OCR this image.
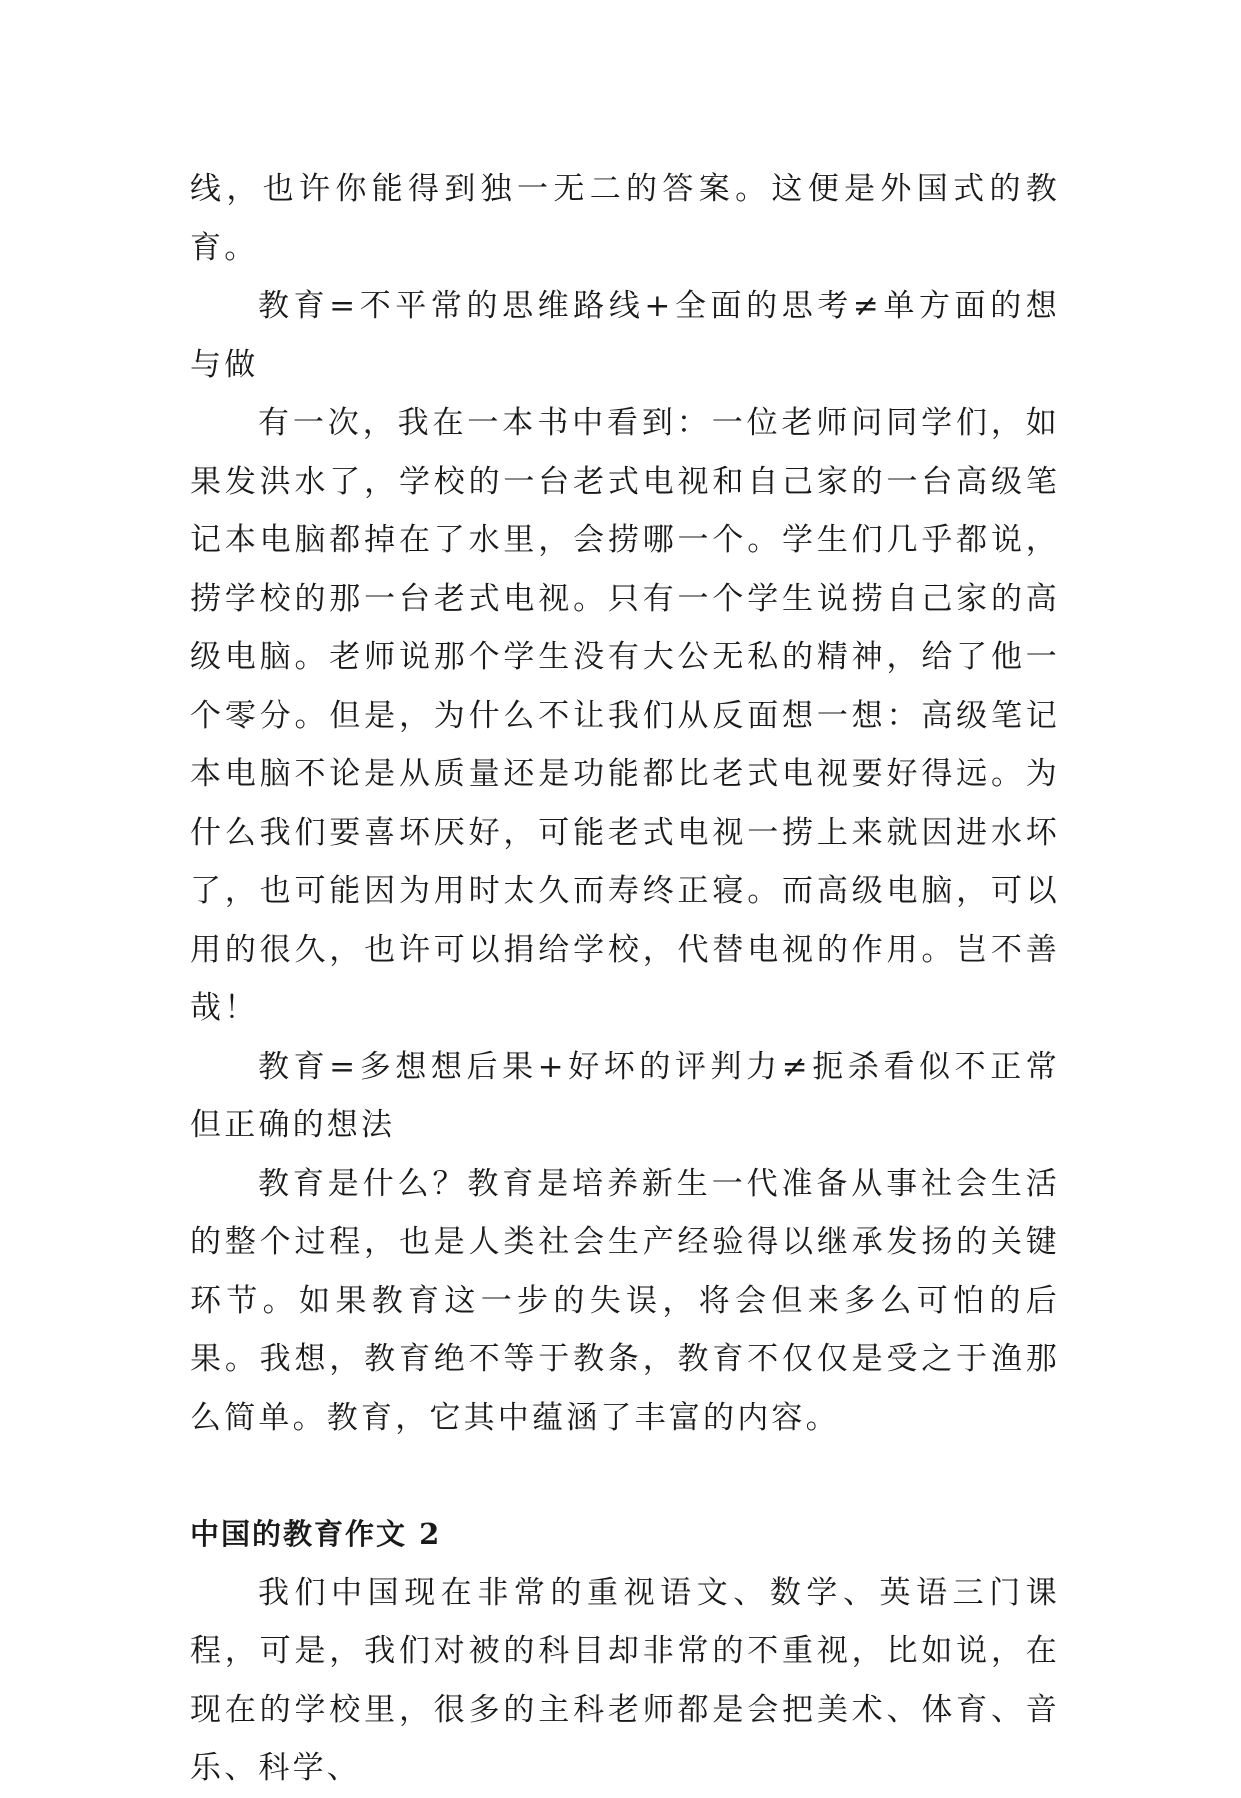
线，也许你能得到独一无二的答案。这便是外国式的教育。

教育=不平常的思维路线+全面的思考≠单方面的想与做

有一次，我在一本书中看到：一位老师问同学们，如果发洪水了，学校的一台老式电视和自己家的一台高级笔记本电脑都掉在了水里，会捞哪一个。学生们几乎都说，捞学校的那一台老式电视。只有一个学生说捞自己家的高级电脑。老师说那个学生没有大公无私的精神，给了他一个零分。但是，为什么不让我们从反面想一想：高级笔记本电脑不论是从质量还是功能都比老式电视要好得远。为什么我们要喜坏厌好，可能老式电视一捞上来就因进水坏了，也可能因为用时太久而寿终正寝。而高级电脑，可以用的很久，也许可以捐给学校，代替电视的作用。岂不善哉！

教育=多想想后果+好坏的评判力≠扼杀看似不正常但正确的想法

教育是什么？教育是培养新生一代准备从事社会生活的整个过程，也是人类社会生产经验得以继承发扬的关键环节。如果教育这一步的失误，将会但来多么可怕的后果。我想，教育绝不等于教条，教育不仅仅是受之于渔那么简单。教育，它其中蕴涵了丰富的内容。

中国的教育作文 2

我们中国现在非常的重视语文、数学、英语三门课程，可是，我们对被的科目却非常的不重视，比如说，在现在的学校里，很多的主科老师都是会把美术、体育、音乐、科学、
